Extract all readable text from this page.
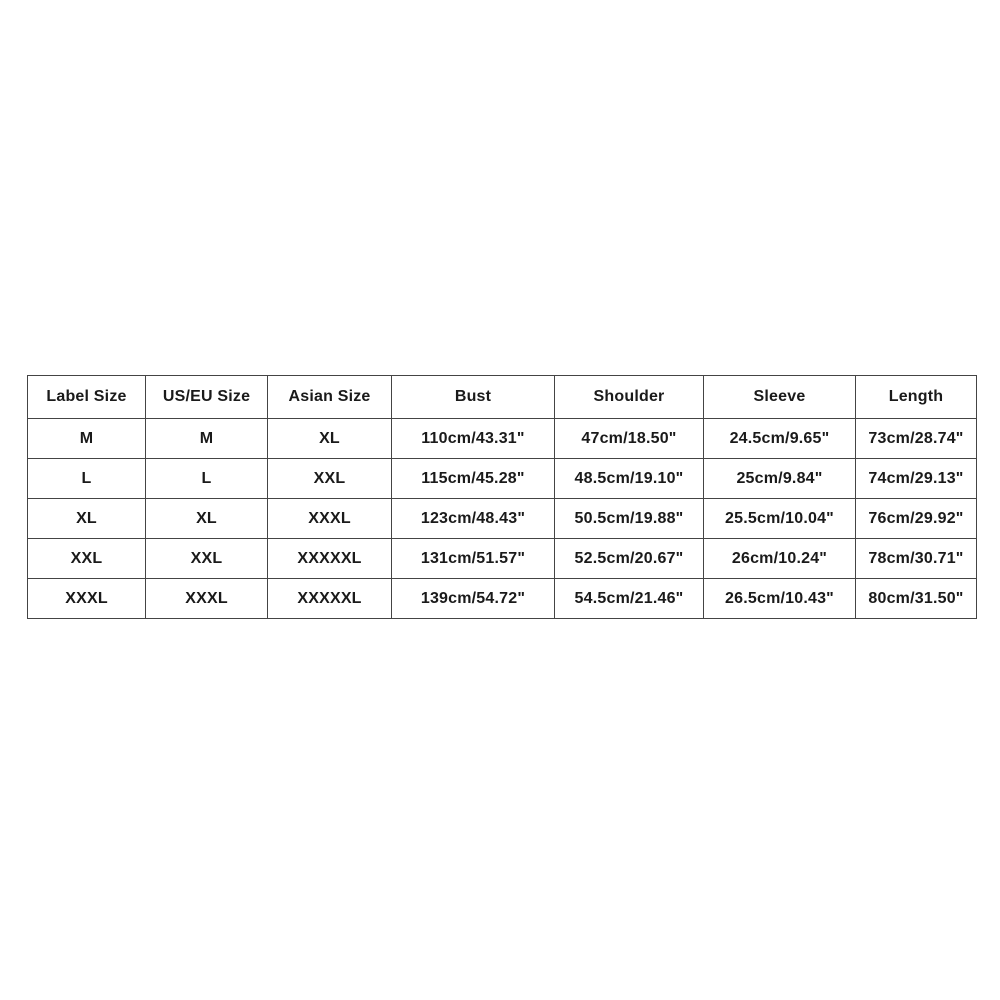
Label Size	US/EU Size	Asian Size	Bust	Shoulder	Sleeve	Length
M	M	XL	110cm/43.31"	47cm/18.50"	24.5cm/9.65"	73cm/28.74"
L	L	XXL	115cm/45.28"	48.5cm/19.10"	25cm/9.84"	74cm/29.13"
XL	XL	XXXL	123cm/48.43"	50.5cm/19.88"	25.5cm/10.04"	76cm/29.92"
XXL	XXL	XXXXXL	131cm/51.57"	52.5cm/20.67"	26cm/10.24"	78cm/30.71"
XXXL	XXXL	XXXXXL	139cm/54.72"	54.5cm/21.46"	26.5cm/10.43"	80cm/31.50"
